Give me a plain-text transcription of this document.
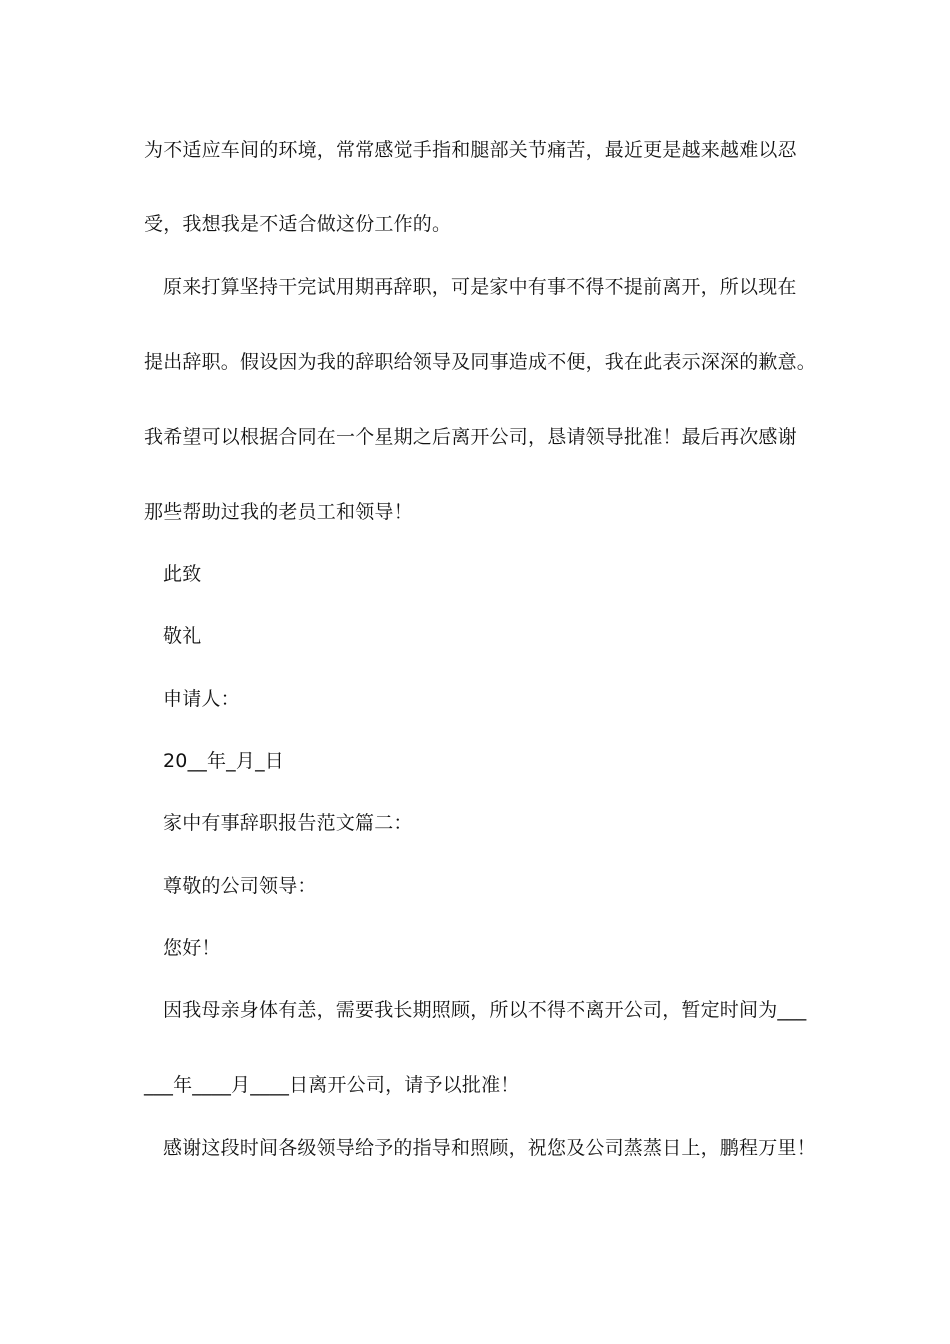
为不适应车间的环境，常常感觉手指和腿部关节痛苦，最近更是越来越难以忍
受，我想我是不适合做这份工作的。
原来打算坚持干完试用期再辞职，可是家中有事不得不提前离开，所以现在
提出辞职。假设因为我的辞职给领导及同事造成不便，我在此表示深深的歉意。
我希望可以根据合同在一个星期之后离开公司，恳请领导批准！最后再次感谢
那些帮助过我的老员工和领导！
此致
敬礼
申请人：
20__年_月_日
家中有事辞职报告范文篇二：
尊敬的公司领导：
您好！
因我母亲身体有恙，需要我长期照顾，所以不得不离开公司，暂定时间为___
___年____月____日离开公司，请予以批准！
感谢这段时间各级领导给予的指导和照顾，祝您及公司蒸蒸日上，鹏程万里！
